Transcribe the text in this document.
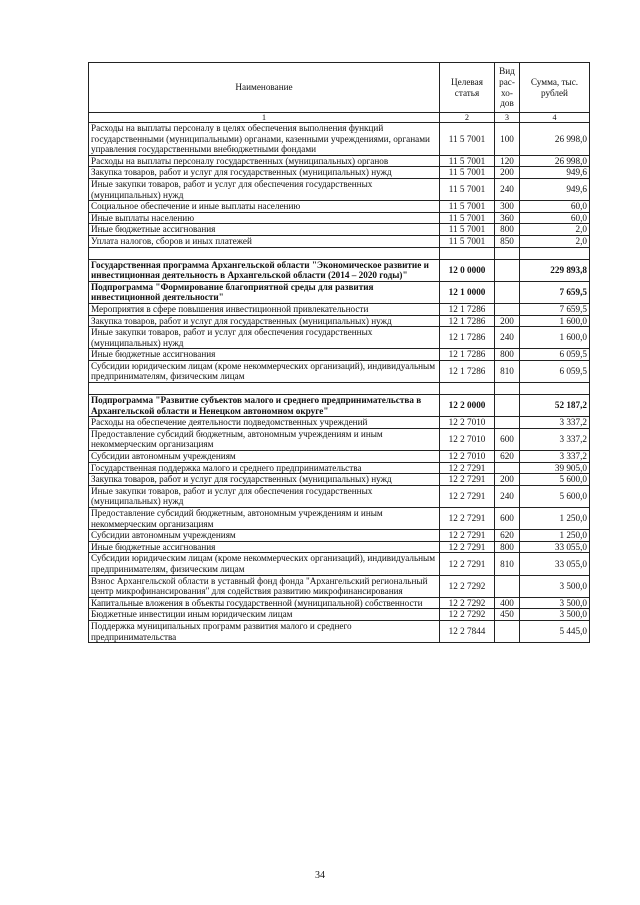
Наименование	Целевая статья	Вид рас-хо-дов	Сумма, тыс. рублей
1	2	3	4
Расходы на выплаты персоналу в целях обеспечения выполнения функций государственными (муниципальными) органами, казенными учреждениями, органами управления государственными внебюджетными фондами	11 5 7001	100	26 998,0
Расходы на выплаты персоналу государственных (муниципальных) органов	11 5 7001	120	26 998,0
Закупка товаров, работ и услуг для государственных (муниципальных) нужд	11 5 7001	200	949,6
Иные закупки товаров, работ и услуг для обеспечения государственных (муниципальных) нужд	11 5 7001	240	949,6
Социальное обеспечение и иные выплаты населению	11 5 7001	300	60,0
Иные выплаты населению	11 5 7001	360	60,0
Иные бюджетные ассигнования	11 5 7001	800	2,0
Уплата налогов, сборов и иных платежей	11 5 7001	850	2,0

Государственная программа Архангельской области "Экономическое развитие и инвестиционная деятельность в Архангельской области (2014 – 2020 годы)"	12 0 0000		229 893,8
Подпрограмма "Формирование благоприятной среды для развития инвестиционной деятельности"	12 1 0000		7 659,5
Мероприятия в сфере повышения инвестиционной привлекательности	12 1 7286		7 659,5
Закупка товаров, работ и услуг для государственных (муниципальных) нужд	12 1 7286	200	1 600,0
Иные закупки товаров, работ и услуг для обеспечения государственных (муниципальных) нужд	12 1 7286	240	1 600,0
Иные бюджетные ассигнования	12 1 7286	800	6 059,5
Субсидии юридическим лицам (кроме некоммерческих организаций), индивидуальным предпринимателям, физическим лицам	12 1 7286	810	6 059,5

Подпрограмма "Развитие субъектов малого и среднего предпринимательства в Архангельской области и Ненецком автономном округе"	12 2 0000		52 187,2
Расходы на обеспечение деятельности подведомственных учреждений	12 2 7010		3 337,2
Предоставление субсидий бюджетным, автономным учреждениям и иным некоммерческим организациям	12 2 7010	600	3 337,2
Субсидии автономным учреждениям	12 2 7010	620	3 337,2
Государственная поддержка малого и среднего предпринимательства	12 2 7291		39 905,0
Закупка товаров, работ и услуг для государственных (муниципальных) нужд	12 2 7291	200	5 600,0
Иные закупки товаров, работ и услуг для обеспечения государственных (муниципальных) нужд	12 2 7291	240	5 600,0
Предоставление субсидий бюджетным, автономным учреждениям и иным некоммерческим организациям	12 2 7291	600	1 250,0
Субсидии автономным учреждениям	12 2 7291	620	1 250,0
Иные бюджетные ассигнования	12 2 7291	800	33 055,0
Субсидии юридическим лицам (кроме некоммерческих организаций), индивидуальным предпринимателям, физическим лицам	12 2 7291	810	33 055,0
Взнос Архангельской области в уставный фонд фонда "Архангельский региональный центр микрофинансирования" для содействия развитию микрофинансирования	12 2 7292		3 500,0
Капитальные вложения в объекты государственной (муниципальной) собственности	12 2 7292	400	3 500,0
Бюджетные инвестиции иным юридическим лицам	12 2 7292	450	3 500,0
Поддержка муниципальных программ развития малого и среднего предпринимательства	12 2 7844		5 445,0
34
